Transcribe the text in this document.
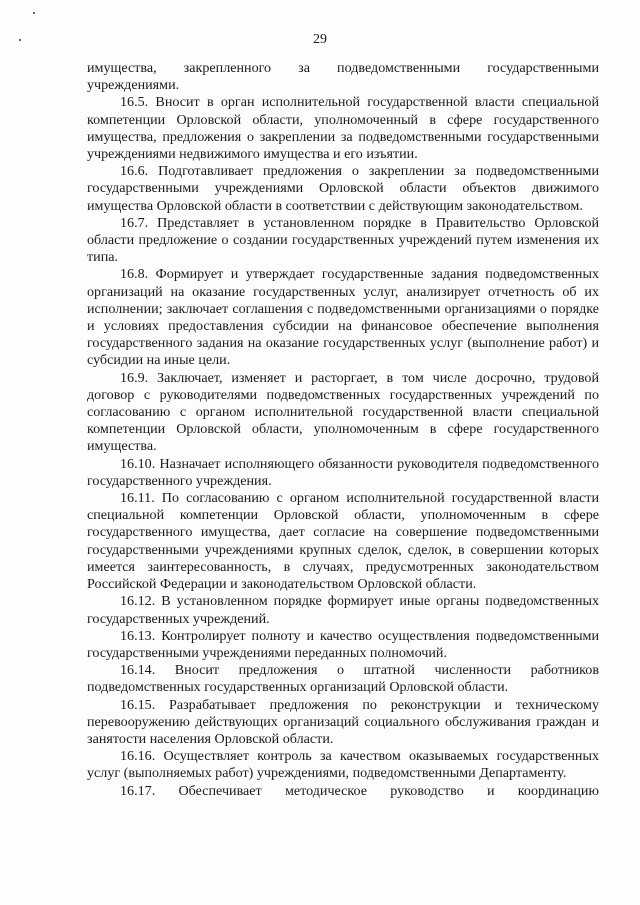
29

имущества, закрепленного за подведомственными государственными учреждениями.

16.5. Вносит в орган исполнительной государственной власти специальной компетенции Орловской области, уполномоченный в сфере государственного имущества, предложения о закреплении за подведомственными государственными учреждениями недвижимого имущества и его изъятии.

16.6. Подготавливает предложения о закреплении за подведомственными государственными учреждениями Орловской области объектов движимого имущества Орловской области в соответствии с действующим законодательством.

16.7. Представляет в установленном порядке в Правительство Орловской области предложение о создании государственных учреждений путем изменения их типа.

16.8. Формирует и утверждает государственные задания подведомственных организаций на оказание государственных услуг, анализирует отчетность об их исполнении; заключает соглашения с подведомственными организациями о порядке и условиях предоставления субсидии на финансовое обеспечение выполнения государственного задания на оказание государственных услуг (выполнение работ) и субсидии на иные цели.

16.9. Заключает, изменяет и расторгает, в том числе досрочно, трудовой договор с руководителями подведомственных государственных учреждений по согласованию с органом исполнительной государственной власти специальной компетенции Орловской области, уполномоченным в сфере государственного имущества.

16.10. Назначает исполняющего обязанности руководителя подведомственного государственного учреждения.

16.11. По согласованию с органом исполнительной государственной власти специальной компетенции Орловской области, уполномоченным в сфере государственного имущества, дает согласие на совершение подведомственными государственными учреждениями крупных сделок, сделок, в совершении которых имеется заинтересованность, в случаях, предусмотренных законодательством Российской Федерации и законодательством Орловской области.

16.12. В установленном порядке формирует иные органы подведомственных государственных учреждений.

16.13. Контролирует полноту и качество осуществления подведомственными государственными учреждениями переданных полномочий.

16.14. Вносит предложения о штатной численности работников подведомственных государственных организаций Орловской области.

16.15. Разрабатывает предложения по реконструкции и техническому перевооружению действующих организаций социального обслуживания граждан и занятости населения Орловской области.

16.16. Осуществляет контроль за качеством оказываемых государственных услуг (выполняемых работ) учреждениями, подведомственными Департаменту.

16.17. Обеспечивает методическое руководство и координацию
